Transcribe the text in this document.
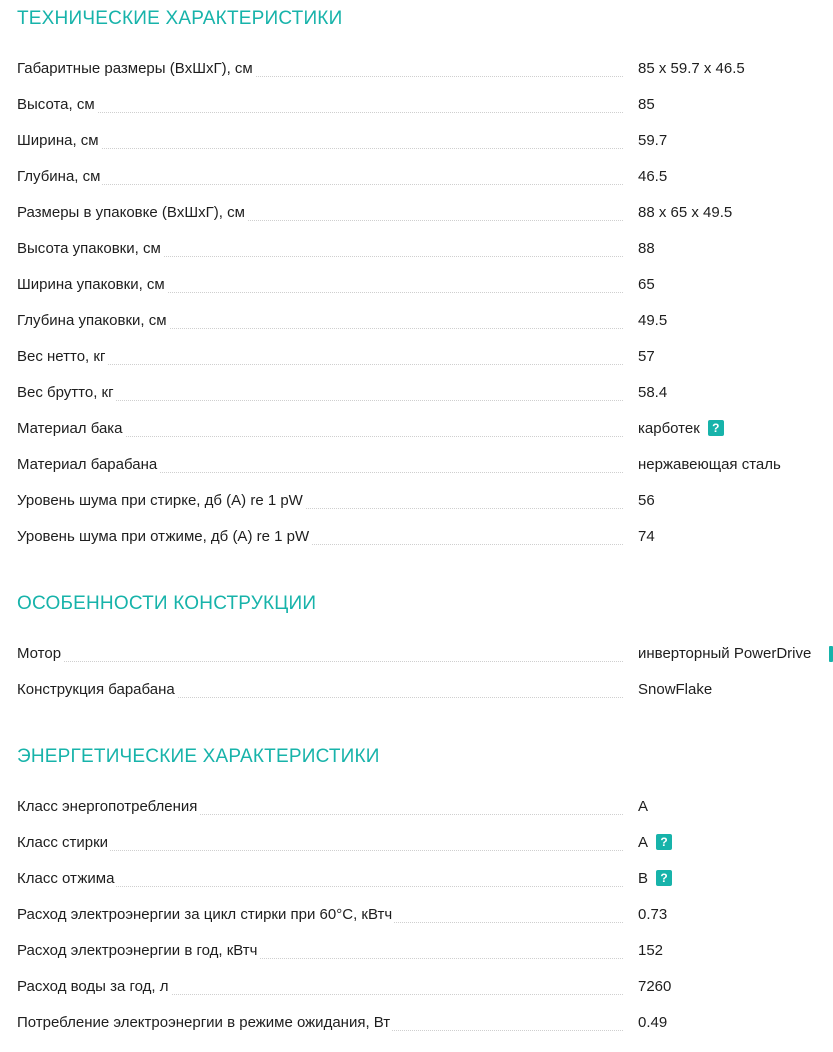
ТЕХНИЧЕСКИЕ ХАРАКТЕРИСТИКИ
Габаритные размеры (ВxШxГ), см	85 x 59.7 x 46.5
Высота, см	85
Ширина, см	59.7
Глубина, см	46.5
Размеры в упаковке (ВxШxГ), см	88 x 65 x 49.5
Высота упаковки, см	88
Ширина упаковки, см	65
Глубина упаковки, см	49.5
Вес нетто, кг	57
Вес брутто, кг	58.4
Материал бака	карботек ?
Материал барабана	нержавеющая сталь
Уровень шума при стирке, дб (А) re 1 pW	56
Уровень шума при отжиме, дб (А) re 1 pW	74
ОСОБЕННОСТИ КОНСТРУКЦИИ
Мотор	инверторный PowerDrive
Конструкция барабана	SnowFlake
ЭНЕРГЕТИЧЕСКИЕ ХАРАКТЕРИСТИКИ
Класс энергопотребления	A
Класс стирки	A ?
Класс отжима	B ?
Расход электроэнергии за цикл стирки при 60°С, кВтч	0.73
Расход электроэнергии в год, кВтч	152
Расход воды за год, л	7260
Потребление электроэнергии в режиме ожидания, Вт	0.49
